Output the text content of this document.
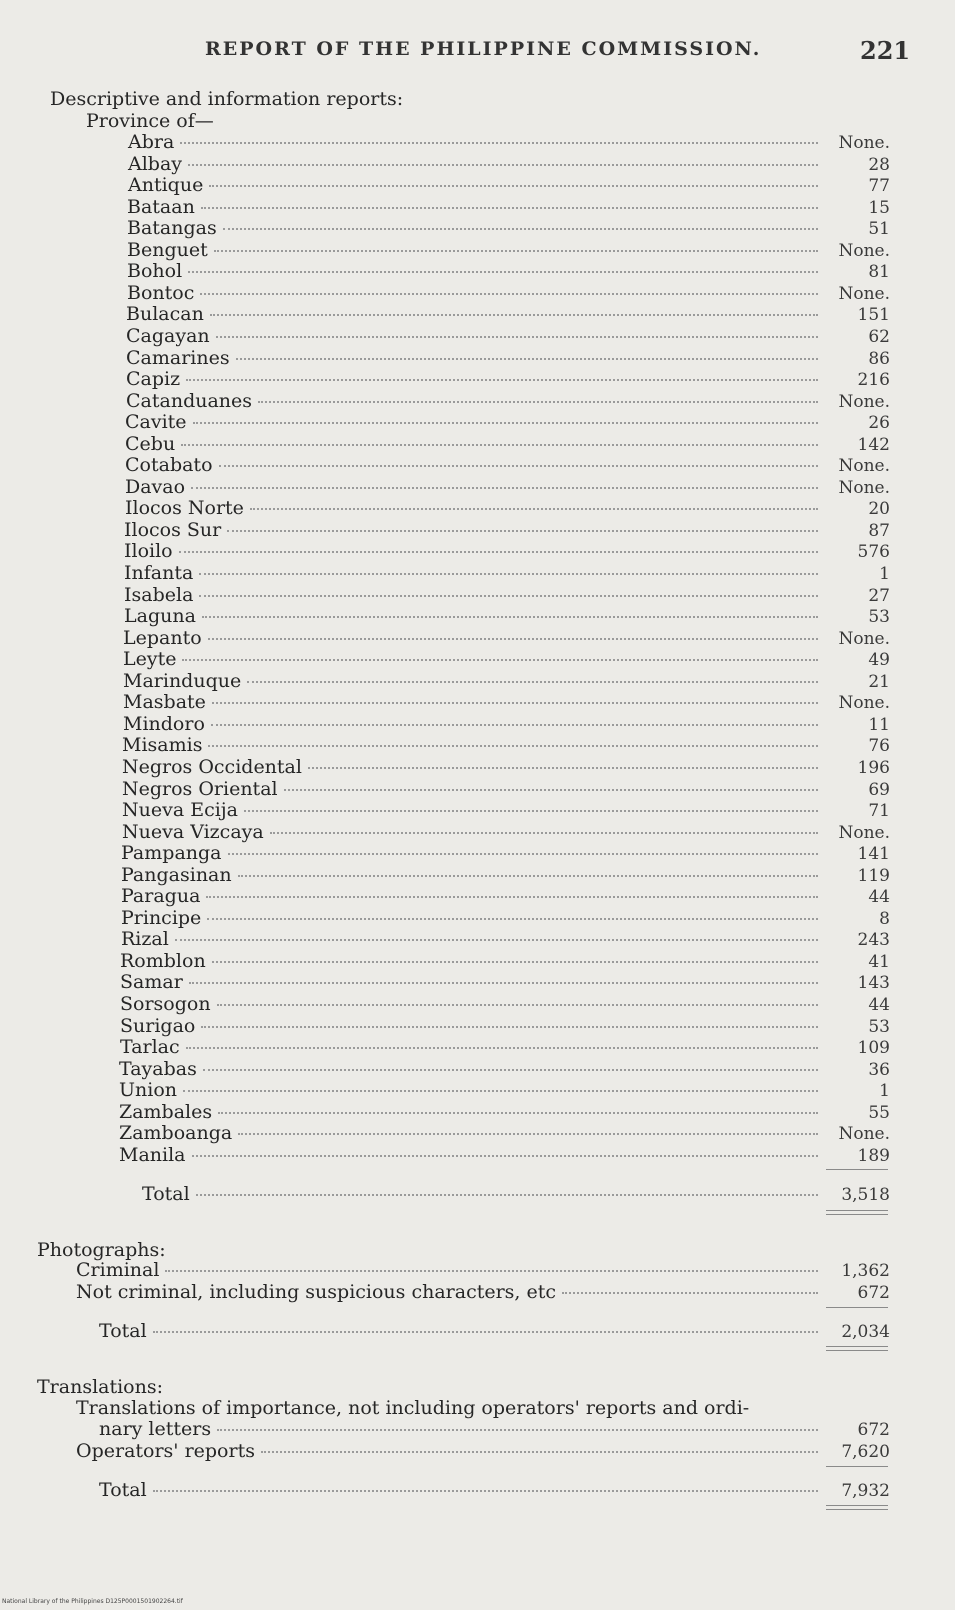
REPORT OF THE PHILIPPINE COMMISSION.	221
Descriptive and information reports:
Province of—
Abra	None.
Albay	28
Antique	77
Bataan	15
Batangas	51
Benguet	None.
Bohol	81
Bontoc	None.
Bulacan	151
Cagayan	62
Camarines	86
Capiz	216
Catanduanes	None.
Cavite	26
Cebu	142
Cotabato	None.
Davao	None.
Ilocos Norte	20
Ilocos Sur	87
Iloilo	576
Infanta	1
Isabela	27
Laguna	53
Lepanto	None.
Leyte	49
Marinduque	21
Masbate	None.
Mindoro	11
Misamis	76
Negros Occidental	196
Negros Oriental	69
Nueva Ecija	71
Nueva Vizcaya	None.
Pampanga	141
Pangasinan	119
Paragua	44
Principe	8
Rizal	243
Romblon	41
Samar	143
Sorsogon	44
Surigao	53
Tarlac	109
Tayabas	36
Union	1
Zambales	55
Zamboanga	None.
Manila	189
Total	3,518
Photographs:
Criminal	1,362
Not criminal, including suspicious characters, etc	672
Total	2,034
Translations:
Translations of importance, not including operators' reports and ordi-
nary letters	672
Operators' reports	7,620
Total	7,932
National Library of the Philippines D125P0001501902264.tif
